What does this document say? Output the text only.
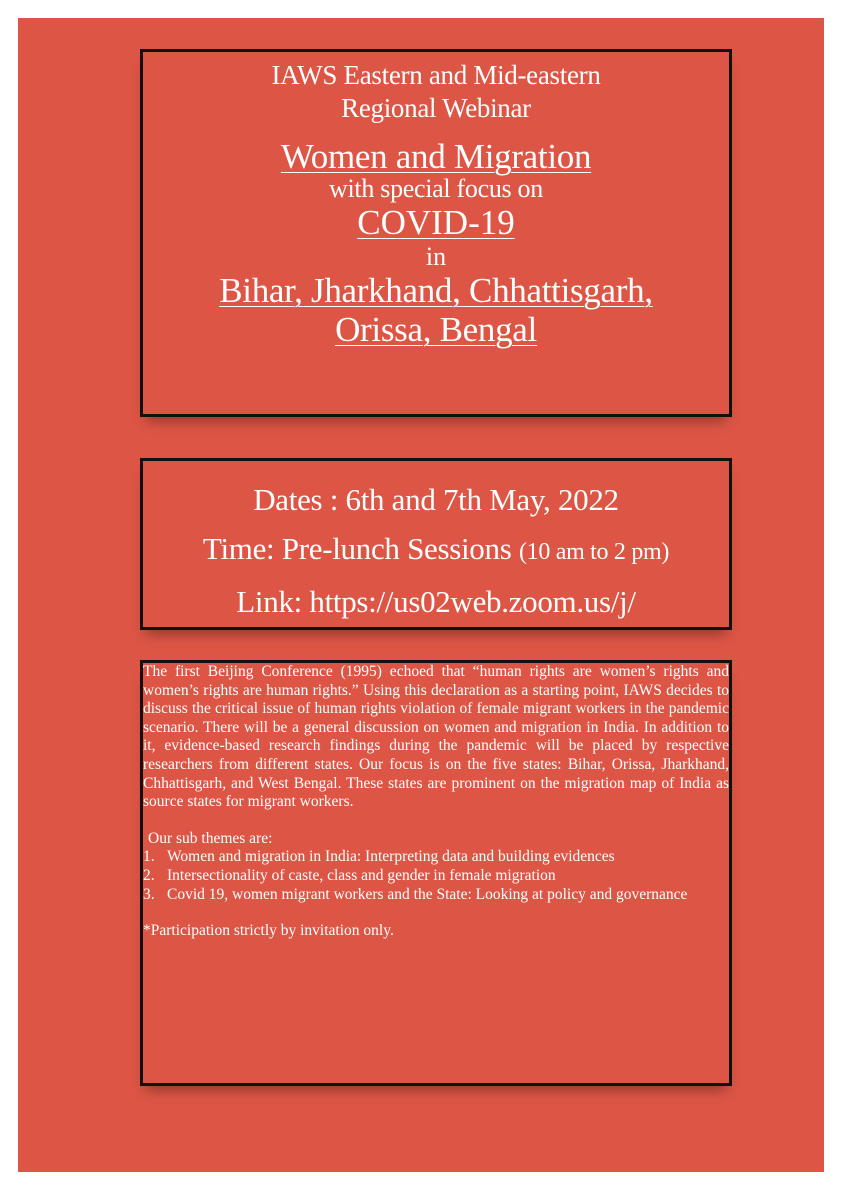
IAWS Eastern and Mid-eastern
Regional Webinar
Women and Migration
with special focus on
COVID-19
in
Bihar, Jharkhand, Chhattisgarh,
Orissa, Bengal
Dates : 6th and 7th May, 2022
Time: Pre-lunch Sessions (10 am to 2 pm)
Link: https://us02web.zoom.us/j/

The first Beijing Conference (1995) echoed that “human rights are women’s rights and women’s rights are human rights.” Using this declaration as a starting point, IAWS decides to discuss the critical issue of human rights violation of female migrant workers in the pandemic scenario. There will be a general discussion on women and migration in India. In addition to it, evidence-based research findings during the pandemic will be placed by respective researchers from different states. Our focus is on the five states: Bihar, Orissa, Jharkhand, Chhattisgarh, and West Bengal. These states are prominent on the migration map of India as source states for migrant workers.

Our sub themes are:
1. Women and migration in India: Interpreting data and building evidences
2. Intersectionality of caste, class and gender in female migration
3. Covid 19, women migrant workers and the State: Looking at policy and governance
*Participation strictly by invitation only.
